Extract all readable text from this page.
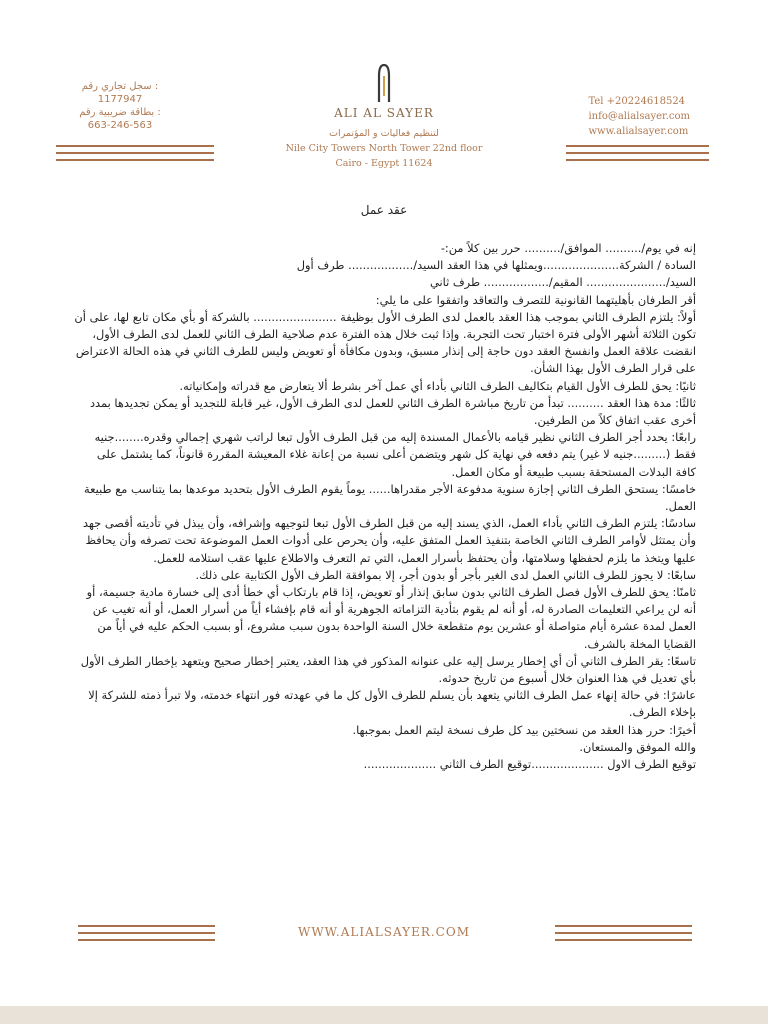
سجل تجاري رقم :
1177947
بطاقة ضريبية رقم :
663-246-563
Tel +20224618524
info@alialsayer.com
www.alialsayer.com
ALI AL SAYER
لتنظيم فعاليات و المؤتمرات
Nile City Towers North Tower 22nd floor
Cairo - Egypt 11624
عقد عمل

إنه في يوم/.......... الموافق/.......... حرر بين كلاً من:-

السادة / الشركة.....................ويمثلها في هذا العقد السيد/.................. طرف أول

السيد/...................... المقيم/.................. طرف ثاني

أقر الطرفان بأهليتهما القانونية للتصرف والتعاقد واتفقوا على ما يلي:

أولاً: يلتزم الطرف الثاني بموجب هذا العقد بالعمل لدى الطرف الأول بوظيفة ....................... بالشركة أو بأي مكان تابع لها، على أن تكون الثلاثة أشهر الأولى فترة اختبار تحت التجربة. وإذا ثبت خلال هذه الفترة عدم صلاحية الطرف الثاني للعمل لدى الطرف الأول، انقضت علاقة العمل وانفسخ العقد دون حاجة إلى إنذار مسبق، وبدون مكافأة أو تعويض وليس للطرف الثاني في هذه الحالة الاعتراض على قرار الطرف الأول بهذا الشأن.

ثانيًا: يحق للطرف الأول القيام بتكاليف الطرف الثاني بأداء أي عمل آخر بشرط ألا يتعارض مع قدراته وإمكانياته.

ثالثًا: مدة هذا العقد .......... تبدأ من تاريخ مباشرة الطرف الثاني للعمل لدى الطرف الأول، غير قابلة للتجديد أو يمكن تجديدها بمدد أخرى عقب اتفاق كلاً من الطرفين.

رابعًا: يحدد أجر الطرف الثاني نظير قيامه بالأعمال المسندة إليه من قبل الطرف الأول تبعا لراتب شهري إجمالي وقدره........جنيه فقط (.........جنيه لا غير) يتم دفعه في نهاية كل شهر ويتضمن أعلى نسبة من إعانة غلاء المعيشة المقررة قانوناً، كما يشتمل على كافة البدلات المستحقة بسبب طبيعة أو مكان العمل.

خامسًا: يستحق الطرف الثاني إجازة سنوية مدفوعة الأجر مقدراها...... يوماً يقوم الطرف الأول بتحديد موعدها بما يتناسب مع طبيعة العمل.

سادسًا: يلتزم الطرف الثاني بأداء العمل، الذي يسند إليه من قبل الطرف الأول تبعا لتوجيهه وإشرافه، وأن يبذل في تأديته أقصى جهد وأن يمتثل لأوامر الطرف الثاني الخاصة بتنفيذ العمل المتفق عليه، وأن يحرص على أدوات العمل الموضوعة تحت تصرفه وأن يحافظ عليها ويتخذ ما يلزم لحفظها وسلامتها، وأن يحتفظ بأسرار العمل، التي تم التعرف والاطلاع عليها عقب استلامه للعمل.

سابعًا: لا يجوز للطرف الثاني العمل لدى الغير بأجر أو بدون أجر، إلا بموافقة الطرف الأول الكتابية على ذلك.

ثامنًا: يحق للطرف الأول فصل الطرف الثاني بدون سابق إنذار أو تعويض، إذا قام بارتكاب أي خطأ أدى إلى خسارة مادية جسيمة، أو أنه لن يراعي التعليمات الصادرة له، أو أنه لم يقوم بتأدية التزاماته الجوهرية أو أنه قام بإفشاء أياً من أسرار العمل، أو أنه تغيب عن العمل لمدة عشرة أيام متواصلة أو عشرين يوم متقطعة خلال السنة الواحدة بدون سبب مشروع، أو بسبب الحكم عليه في أياً من القضايا المخلة بالشرف.

تاسعًا: يقر الطرف الثاني أن أي إخطار يرسل إليه على عنوانه المذكور في هذا العقد، يعتبر إخطار صحيح ويتعهد بإخطار الطرف الأول بأي تعديل في هذا العنوان خلال أسبوع من تاريخ حدوثه.

عاشرًا: في حالة إنهاء عمل الطرف الثاني يتعهد بأن يسلم للطرف الأول كل ما في عهدته فور انتهاء خدمته، ولا تبرأ ذمته للشركة إلا بإخلاء الطرف.

أخيرًا: حرر هذا العقد من نسختين بيد كل طرف نسخة ليتم العمل بموجبها.

والله الموفق والمستعان.

توقيع الطرف الاول ....................توقيع الطرف الثاني ....................

WWW.ALIALSAYER.COM
